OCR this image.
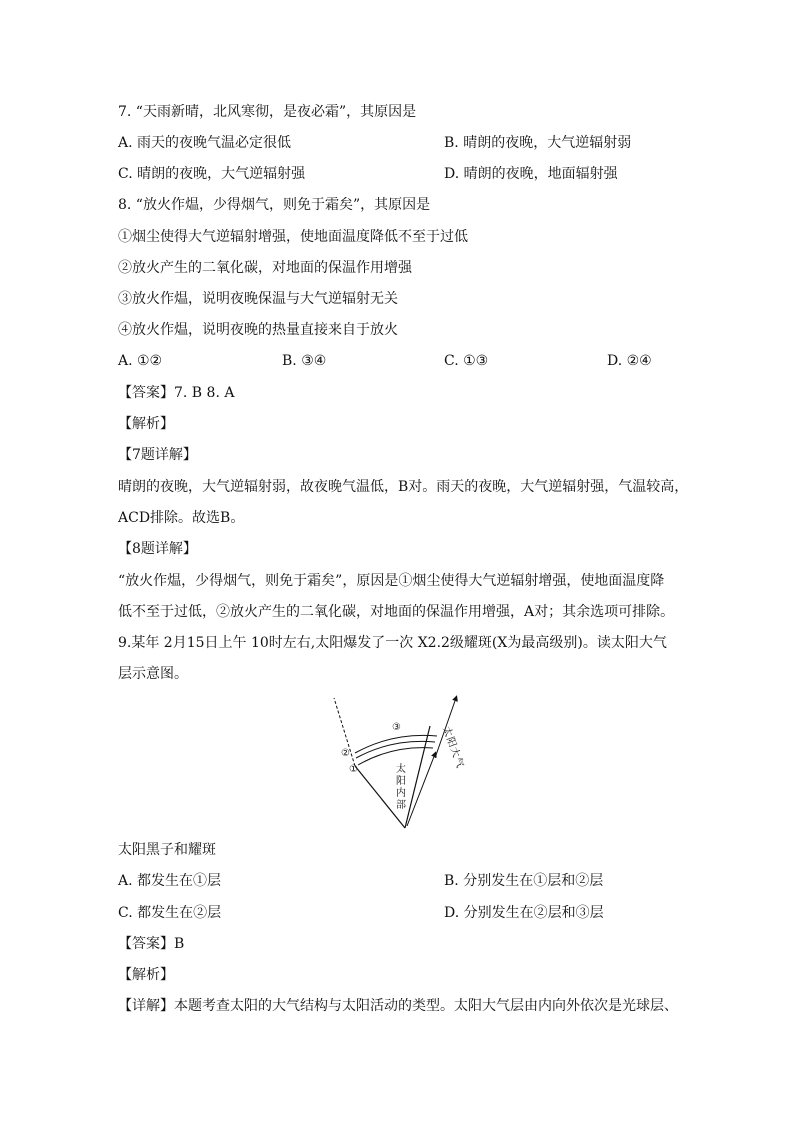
7. “天雨新晴，北风寒彻，是夜必霜”，其原因是
A. 雨天的夜晚气温必定很低	B. 晴朗的夜晚，大气逆辐射弱
C. 晴朗的夜晚，大气逆辐射强	D. 晴朗的夜晚，地面辐射强
8. “放火作煴，少得烟气，则免于霜矣”，其原因是
①烟尘使得大气逆辐射增强，使地面温度降低不至于过低
②放火产生的二氧化碳，对地面的保温作用增强
③放火作煴，说明夜晚保温与大气逆辐射无关
④放火作煴，说明夜晚的热量直接来自于放火
A. ①②	B. ③④	C. ①③	D. ②④
【答案】7. B 8. A
【解析】
【7题详解】
晴朗的夜晚，大气逆辐射弱，故夜晚气温低，B对。雨天的夜晚，大气逆辐射强，气温较高，
ACD排除。故选B。
【8题详解】
“放火作煴，少得烟气，则免于霜矣”，原因是①烟尘使得大气逆辐射增强，使地面温度降
低不至于过低，②放火产生的二氧化碳，对地面的保温作用增强，A对；其余选项可排除。
9.某年 2月15日上午 10时左右,太阳爆发了一次 X2.2级耀斑(X为最高级别)。读太阳大气
层示意图。
③
②
①	太
阳
内
部
太
阳
大
气
太阳黑子和耀斑
A. 都发生在①层	B. 分别发生在①层和②层
C. 都发生在②层	D. 分别发生在②层和③层
【答案】B
【解析】
【详解】本题考查太阳的大气结构与太阳活动的类型。太阳大气层由内向外依次是光球层、
